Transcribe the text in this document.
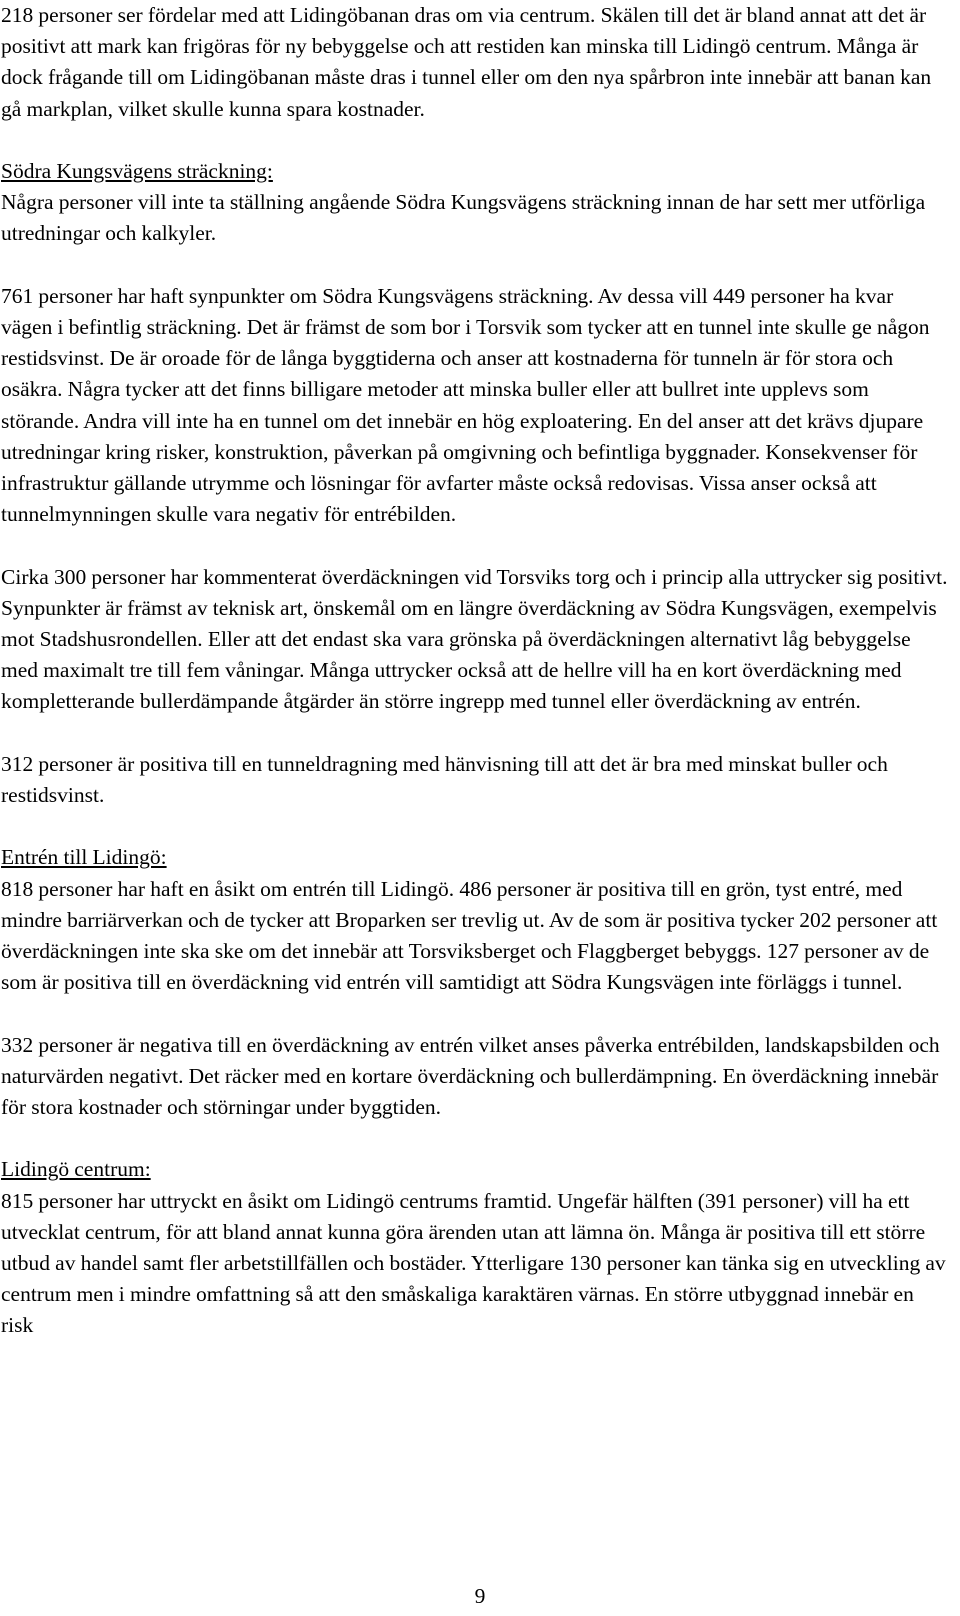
218 personer ser fördelar med att Lidingöbanan dras om via centrum. Skälen till det är bland annat att det är positivt att mark kan frigöras för ny bebyggelse och att restiden kan minska till Lidingö centrum. Många är dock frågande till om Lidingöbanan måste dras i tunnel eller om den nya spårbron inte innebär att banan kan gå markplan, vilket skulle kunna spara kostnader.

Södra Kungsvägens sträckning:

Några personer vill inte ta ställning angående Södra Kungsvägens sträckning innan de har sett mer utförliga utredningar och kalkyler.

761 personer har haft synpunkter om Södra Kungsvägens sträckning. Av dessa vill 449 personer ha kvar vägen i befintlig sträckning. Det är främst de som bor i Torsvik som tycker att en tunnel inte skulle ge någon restidsvinst. De är oroade för de långa byggtiderna och anser att kostnaderna för tunneln är för stora och osäkra. Några tycker att det finns billigare metoder att minska buller eller att bullret inte upplevs som störande. Andra vill inte ha en tunnel om det innebär en hög exploatering. En del anser att det krävs djupare utredningar kring risker, konstruktion, påverkan på omgivning och befintliga byggnader. Konsekvenser för infrastruktur gällande utrymme och lösningar för avfarter måste också redovisas. Vissa anser också att tunnelmynningen skulle vara negativ för entrébilden.

Cirka 300 personer har kommenterat överdäckningen vid Torsviks torg och i princip alla uttrycker sig positivt. Synpunkter är främst av teknisk art, önskemål om en längre överdäckning av Södra Kungsvägen, exempelvis mot Stadshusrondellen. Eller att det endast ska vara grönska på överdäckningen alternativt låg bebyggelse med maximalt tre till fem våningar. Många uttrycker också att de hellre vill ha en kort överdäckning med kompletterande bullerdämpande åtgärder än större ingrepp med tunnel eller överdäckning av entrén.

312 personer är positiva till en tunneldragning med hänvisning till att det är bra med minskat buller och restidsvinst.

Entrén till Lidingö:

818 personer har haft en åsikt om entrén till Lidingö. 486 personer är positiva till en grön, tyst entré, med mindre barriärverkan och de tycker att Broparken ser trevlig ut. Av de som är positiva tycker 202 personer att överdäckningen inte ska ske om det innebär att Torsviksberget och Flaggberget bebyggs. 127 personer av de som är positiva till en överdäckning vid entrén vill samtidigt att Södra Kungsvägen inte förläggs i tunnel.

332 personer är negativa till en överdäckning av entrén vilket anses påverka entrébilden, landskapsbilden och naturvärden negativt. Det räcker med en kortare överdäckning och bullerdämpning. En överdäckning innebär för stora kostnader och störningar under byggtiden.

Lidingö centrum:

815 personer har uttryckt en åsikt om Lidingö centrums framtid. Ungefär hälften (391 personer) vill ha ett utvecklat centrum, för att bland annat kunna göra ärenden utan att lämna ön. Många är positiva till ett större utbud av handel samt fler arbetstillfällen och bostäder. Ytterligare 130 personer kan tänka sig en utveckling av centrum men i mindre omfattning så att den småskaliga karaktären värnas. En större utbyggnad innebär en risk

9
